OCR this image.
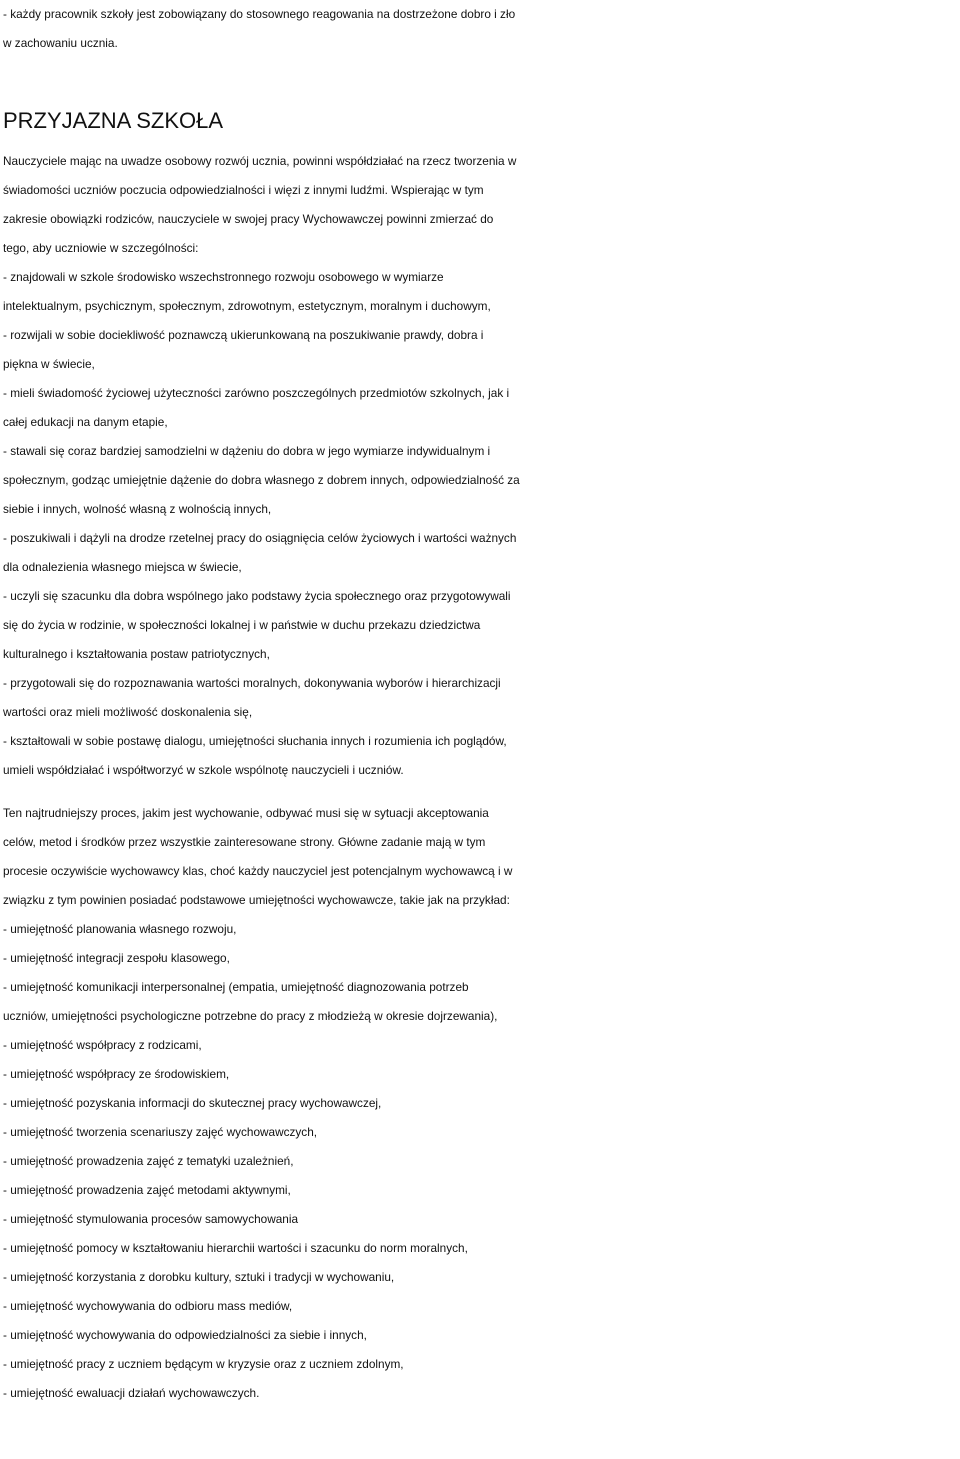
- każdy pracownik szkoły jest zobowiązany do stosownego reagowania na dostrzeżone dobro i zło
w zachowaniu ucznia.
PRZYJAZNA SZKOŁA
Nauczyciele mając na uwadze osobowy rozwój ucznia, powinni współdziałać na rzecz tworzenia w
świadomości uczniów poczucia odpowiedzialności i więzi z innymi ludźmi. Wspierając w tym
zakresie obowiązki rodziców, nauczyciele w swojej pracy Wychowawczej powinni zmierzać do
tego, aby uczniowie w szczególności:
- znajdowali w szkole środowisko wszechstronnego rozwoju osobowego w wymiarze
intelektualnym, psychicznym, społecznym, zdrowotnym, estetycznym, moralnym i duchowym,
- rozwijali w sobie dociekliwość poznawczą ukierunkowaną na poszukiwanie prawdy, dobra i
piękna w świecie,
- mieli świadomość życiowej użyteczności zarówno poszczególnych przedmiotów szkolnych, jak i
całej edukacji na danym etapie,
- stawali się coraz bardziej samodzielni w dążeniu do dobra w jego wymiarze indywidualnym i
społecznym, godząc umiejętnie dążenie do dobra własnego z dobrem innych, odpowiedzialność za
siebie i innych, wolność własną z wolnością innych,
- poszukiwali i dążyli na drodze rzetelnej pracy do osiągnięcia celów życiowych i wartości ważnych
dla odnalezienia własnego miejsca w świecie,
- uczyli się szacunku dla dobra wspólnego jako podstawy życia społecznego oraz przygotowywali
się do życia w rodzinie, w społeczności lokalnej i w państwie w duchu przekazu dziedzictwa
kulturalnego i kształtowania postaw patriotycznych,
- przygotowali się do rozpoznawania wartości moralnych, dokonywania wyborów i hierarchizacji
wartości oraz mieli możliwość doskonalenia się,
- kształtowali w sobie postawę dialogu, umiejętności słuchania innych i rozumienia ich poglądów,
umieli współdziałać i współtworzyć w szkole wspólnotę nauczycieli i uczniów.
Ten najtrudniejszy proces, jakim jest wychowanie, odbywać musi się w sytuacji akceptowania
celów, metod i środków przez wszystkie zainteresowane strony. Główne zadanie mają w tym
procesie oczywiście wychowawcy klas, choć każdy nauczyciel jest potencjalnym wychowawcą i w
związku z tym powinien posiadać podstawowe umiejętności wychowawcze, takie jak na przykład:
- umiejętność planowania własnego rozwoju,
- umiejętność integracji zespołu klasowego,
- umiejętność komunikacji interpersonalnej (empatia, umiejętność diagnozowania potrzeb
uczniów, umiejętności psychologiczne potrzebne do pracy z młodzieżą w okresie dojrzewania),
- umiejętność współpracy z rodzicami,
- umiejętność współpracy ze środowiskiem,
- umiejętność pozyskania informacji do skutecznej pracy wychowawczej,
- umiejętność tworzenia scenariuszy zajęć wychowawczych,
- umiejętność prowadzenia zajęć z tematyki uzależnień,
- umiejętność prowadzenia zajęć metodami aktywnymi,
- umiejętność stymulowania procesów samowychowania
- umiejętność pomocy w kształtowaniu hierarchii wartości i szacunku do norm moralnych,
- umiejętność korzystania z dorobku kultury, sztuki i tradycji w wychowaniu,
- umiejętność wychowywania do odbioru mass mediów,
- umiejętność wychowywania do odpowiedzialności za siebie i innych,
- umiejętność pracy z uczniem będącym w kryzysie oraz z uczniem zdolnym,
- umiejętność ewaluacji działań wychowawczych.
